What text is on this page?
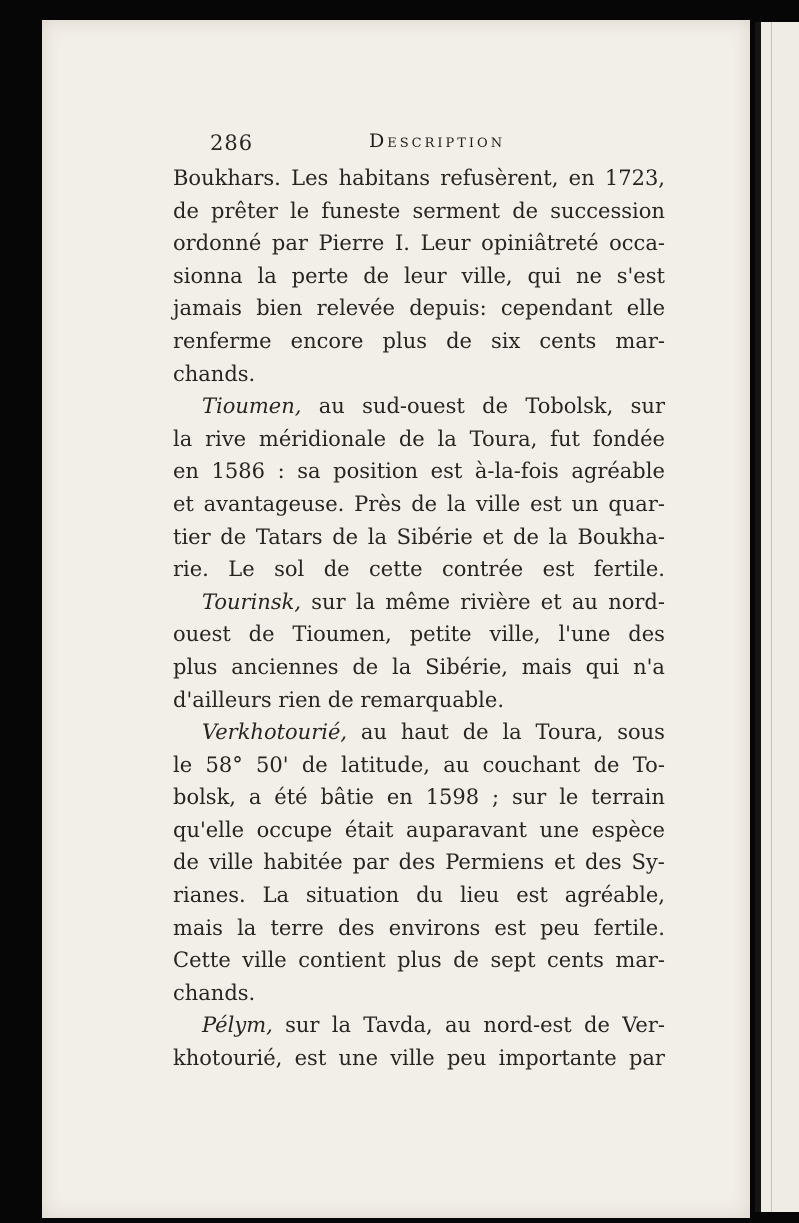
286	Description
Boukhars. Les habitans refusèrent, en 1723,
de prêter le funeste serment de succession
ordonné par Pierre I. Leur opiniâtreté occa-
sionna la perte de leur ville, qui ne s'est
jamais bien relevée depuis: cependant elle
renferme encore plus de six cents mar-
chands.
Tioumen, au sud-ouest de Tobolsk, sur
la rive méridionale de la Toura, fut fondée
en 1586 : sa position est à-la-fois agréable
et avantageuse. Près de la ville est un quar-
tier de Tatars de la Sibérie et de la Boukha-
rie. Le sol de cette contrée est fertile.
Tourinsk, sur la même rivière et au nord-
ouest de Tioumen, petite ville, l'une des
plus anciennes de la Sibérie, mais qui n'a
d'ailleurs rien de remarquable.
Verkhotourié, au haut de la Toura, sous
le 58° 50' de latitude, au couchant de To-
bolsk, a été bâtie en 1598 ; sur le terrain
qu'elle occupe était auparavant une espèce
de ville habitée par des Permiens et des Sy-
rianes. La situation du lieu est agréable,
mais la terre des environs est peu fertile.
Cette ville contient plus de sept cents mar-
chands.
Pélym, sur la Tavda, au nord-est de Ver-
khotourié, est une ville peu importante par
